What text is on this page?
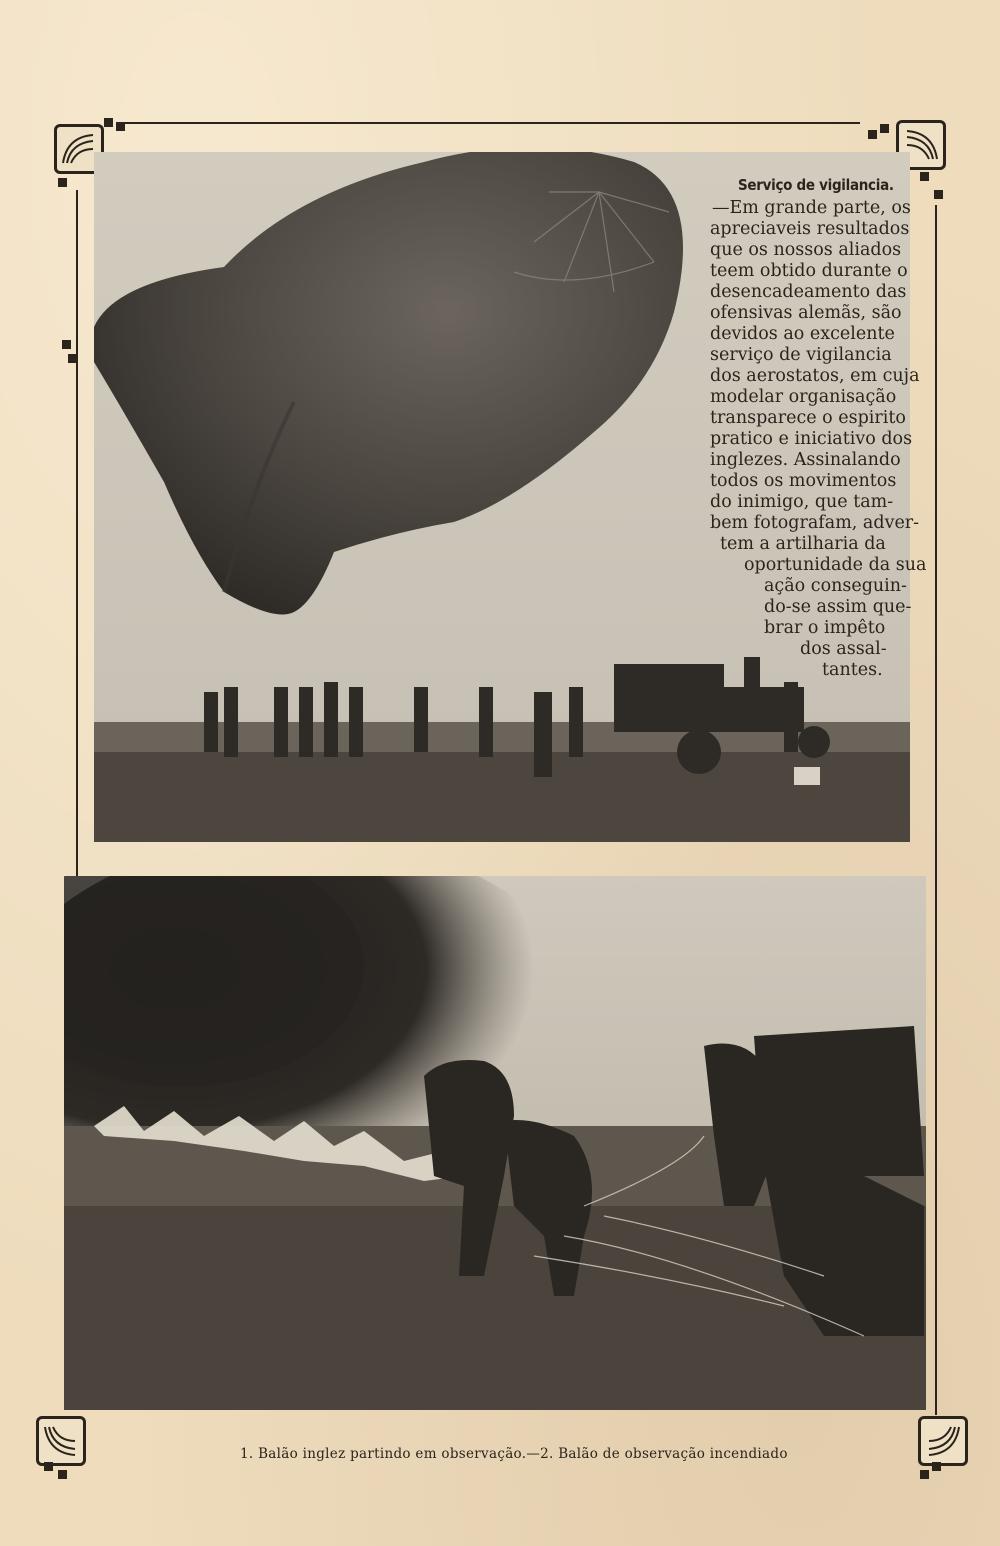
Serviço de vigilancia.
—Em grande parte, os
apreciaveis resultados
que os nossos aliados
teem obtido durante o
desencadeamento das
ofensivas alemãs, são
devidos ao excelente
serviço de vigilancia
dos aerostatos, em cuja
modelar organisação
transparece o espirito
pratico e iniciativo dos
inglezes. Assinalando
todos os movimentos
do inimigo, que tam-
bem fotografam, adver-
tem a artilharia da
oportunidade da sua
ação conseguin-
do-se assim que-
brar o impêto
dos assal-
tantes.
1. Balão inglez partindo em observação.—2. Balão de observação incendiado
